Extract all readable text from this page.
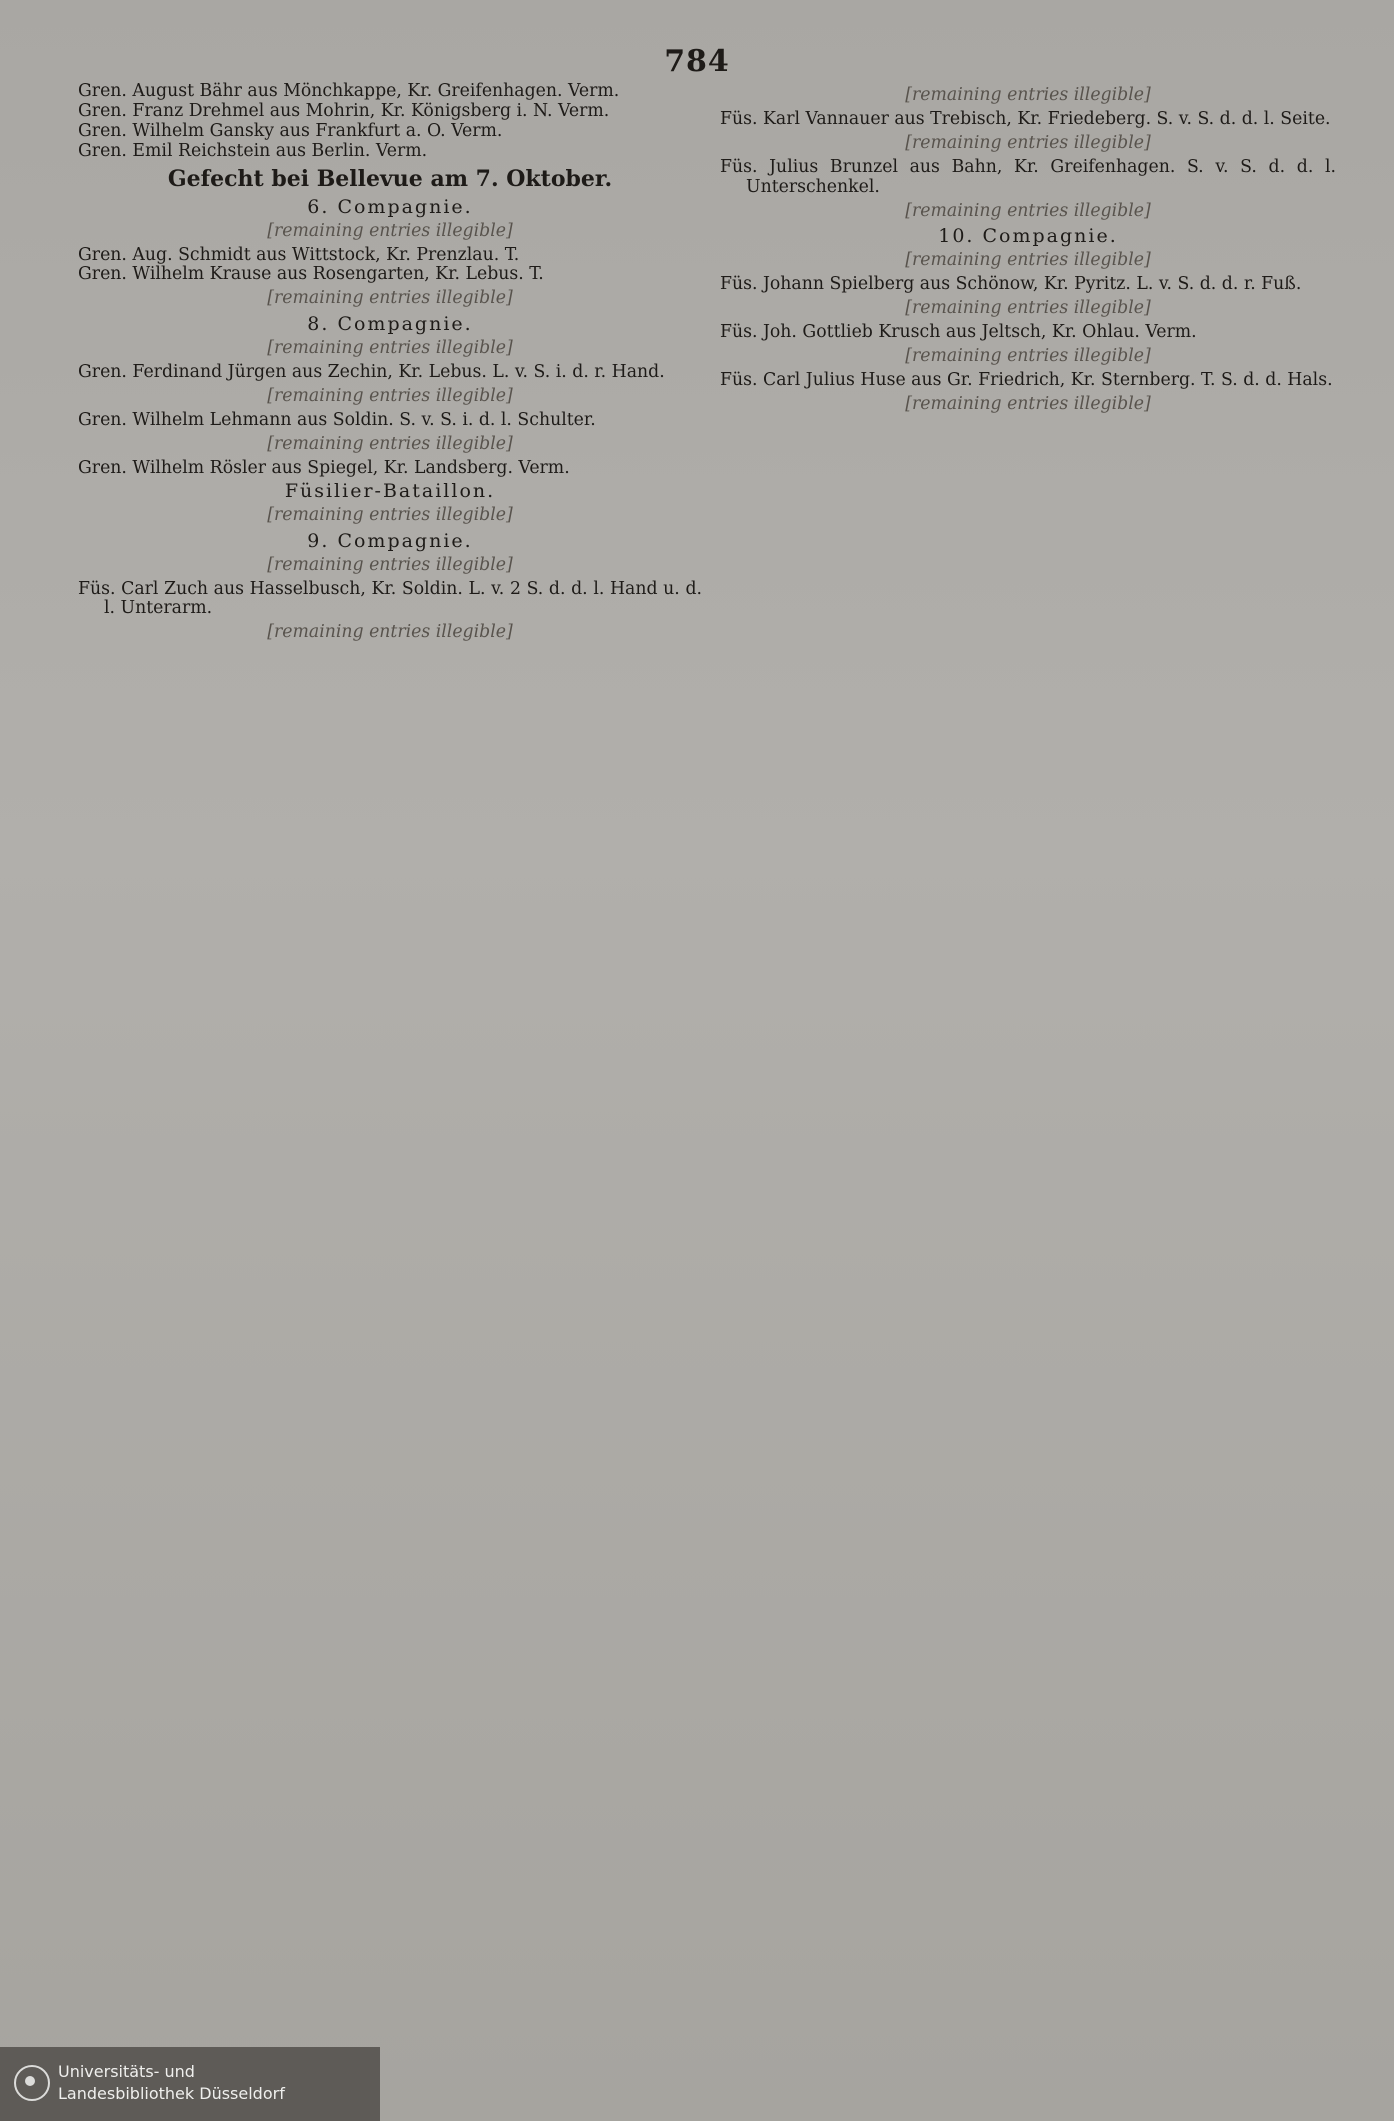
784

Gren. August Bähr aus Mönchkappe, Kr. Greifenhagen. Verm.

Gren. Franz Drehmel aus Mohrin, Kr. Königsberg i. N. Verm.

Gren. Wilhelm Gansky aus Frankfurt a. O. Verm.

Gren. Emil Reichstein aus Berlin. Verm.

Gefecht bei Bellevue am 7. Oktober.
6. Compagnie.
[remaining entries illegible]

Gren. Aug. Schmidt aus Wittstock, Kr. Prenzlau. T.

Gren. Wilhelm Krause aus Rosengarten, Kr. Lebus. T.

[remaining entries illegible]
8. Compagnie.
[remaining entries illegible]

Gren. Ferdinand Jürgen aus Zechin, Kr. Lebus. L. v. S. i. d. r. Hand.

[remaining entries illegible]

Gren. Wilhelm Lehmann aus Soldin. S. v. S. i. d. l. Schulter.

[remaining entries illegible]

Gren. Wilhelm Rösler aus Spiegel, Kr. Landsberg. Verm.

Füsilier-Bataillon.
[remaining entries illegible]
9. Compagnie.
[remaining entries illegible]

Füs. Carl Zuch aus Hasselbusch, Kr. Soldin. L. v. 2 S. d. d. l. Hand u. d. l. Unterarm.

[remaining entries illegible]
[remaining entries illegible]

Füs. Karl Vannauer aus Trebisch, Kr. Friedeberg. S. v. S. d. d. l. Seite.

[remaining entries illegible]

Füs. Julius Brunzel aus Bahn, Kr. Greifenhagen. S. v. S. d. d. l. Unterschenkel.

[remaining entries illegible]
10. Compagnie.
[remaining entries illegible]

Füs. Johann Spielberg aus Schönow, Kr. Pyritz. L. v. S. d. d. r. Fuß.

[remaining entries illegible]

Füs. Joh. Gottlieb Krusch aus Jeltsch, Kr. Ohlau. Verm.

[remaining entries illegible]

Füs. Carl Julius Huse aus Gr. Friedrich, Kr. Sternberg. T. S. d. d. Hals.

[remaining entries illegible]
Universitäts- und
Landesbibliothek Düsseldorf
